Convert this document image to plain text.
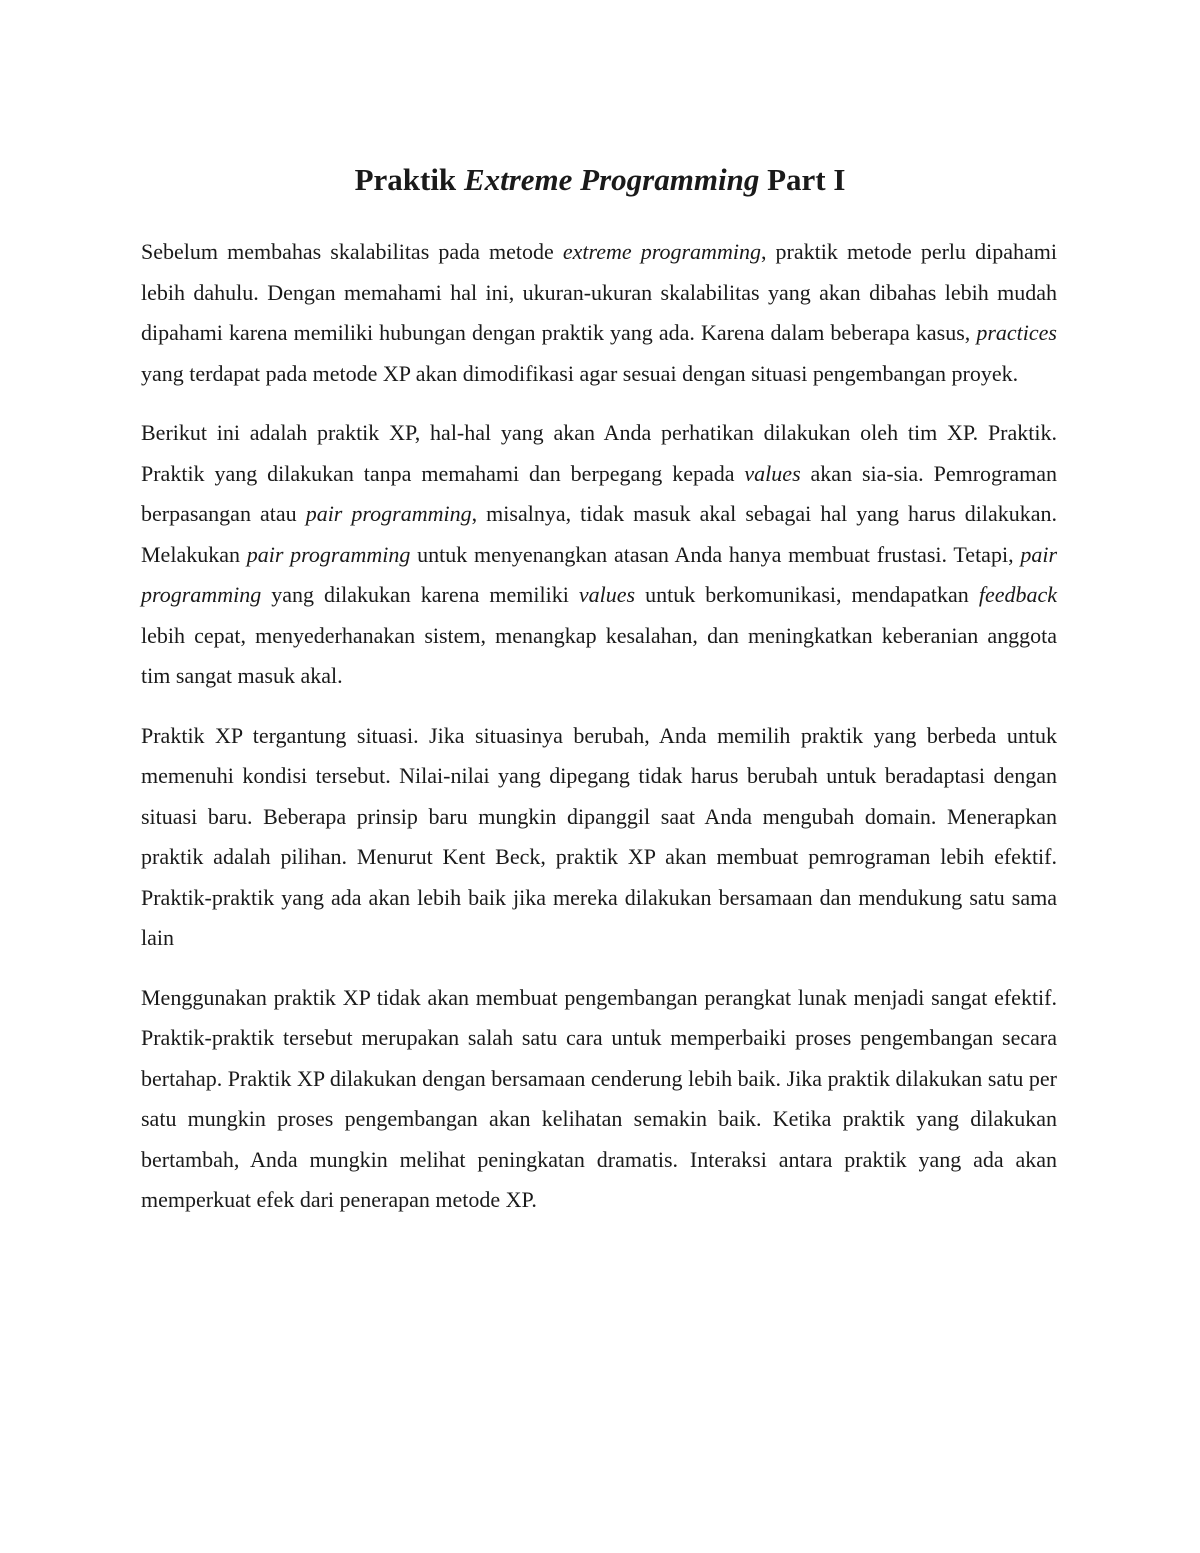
Praktik Extreme Programming Part I

Sebelum membahas skalabilitas pada metode extreme programming, praktik metode perlu dipahami lebih dahulu. Dengan memahami hal ini, ukuran-ukuran skalabilitas yang akan dibahas lebih mudah dipahami karena memiliki hubungan dengan praktik yang ada. Karena dalam beberapa kasus, practices yang terdapat pada metode XP akan dimodifikasi agar sesuai dengan situasi pengembangan proyek.

Berikut ini adalah praktik XP, hal-hal yang akan Anda perhatikan dilakukan oleh tim XP. Praktik. Praktik yang dilakukan tanpa memahami dan berpegang kepada values akan sia-sia. Pemrograman berpasangan atau pair programming, misalnya, tidak masuk akal sebagai hal yang harus dilakukan. Melakukan pair programming untuk menyenangkan atasan Anda hanya membuat frustasi. Tetapi, pair programming yang dilakukan karena memiliki values untuk berkomunikasi, mendapatkan feedback lebih cepat, menyederhanakan sistem, menangkap kesalahan, dan meningkatkan keberanian anggota tim sangat masuk akal.

Praktik XP tergantung situasi. Jika situasinya berubah, Anda memilih praktik yang berbeda untuk memenuhi kondisi tersebut. Nilai-nilai yang dipegang tidak harus berubah untuk beradaptasi dengan situasi baru. Beberapa prinsip baru mungkin dipanggil saat Anda mengubah domain. Menerapkan praktik adalah pilihan. Menurut Kent Beck, praktik XP akan membuat pemrograman lebih efektif. Praktik-praktik yang ada akan lebih baik jika mereka dilakukan bersamaan dan mendukung satu sama lain

Menggunakan praktik XP tidak akan membuat pengembangan perangkat lunak menjadi sangat efektif. Praktik-praktik tersebut merupakan salah satu cara untuk memperbaiki proses pengembangan secara bertahap. Praktik XP dilakukan dengan bersamaan cenderung lebih baik. Jika praktik dilakukan satu per satu mungkin proses pengembangan akan kelihatan semakin baik. Ketika praktik yang dilakukan bertambah, Anda mungkin melihat peningkatan dramatis. Interaksi antara praktik yang ada akan memperkuat efek dari penerapan metode XP.
